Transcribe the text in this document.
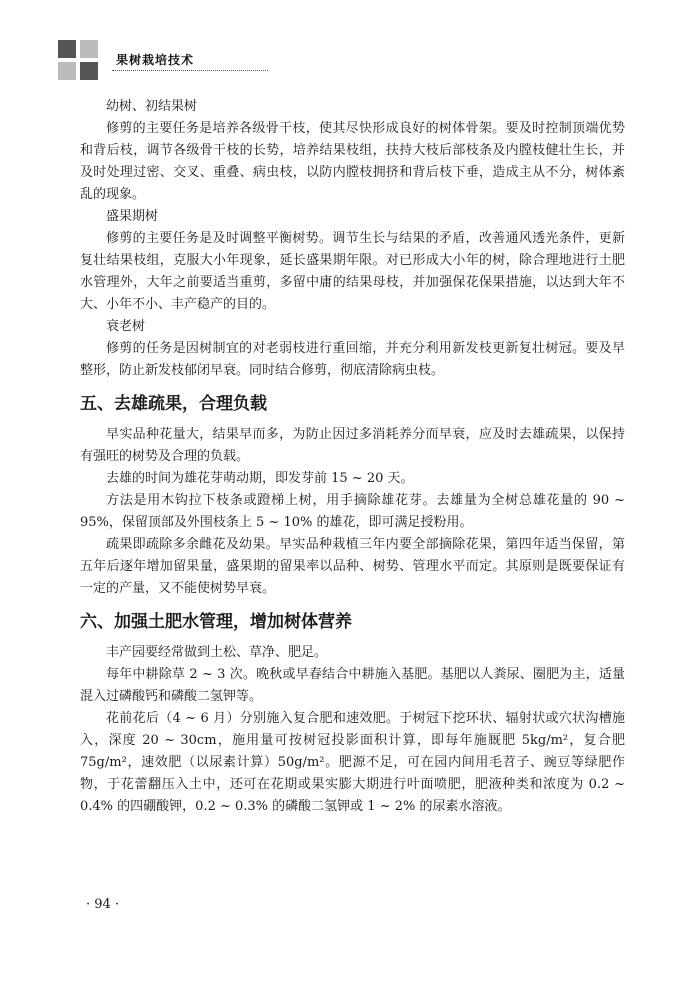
果树栽培技术

幼树、初结果树

修剪的主要任务是培养各级骨干枝，使其尽快形成良好的树体骨架。要及时控制顶端优势和背后枝，调节各级骨干枝的长势，培养结果枝组，扶持大枝后部枝条及内膛枝健壮生长，并及时处理过密、交叉、重叠、病虫枝，以防内膛枝拥挤和背后枝下垂，造成主从不分，树体紊乱的现象。

盛果期树

修剪的主要任务是及时调整平衡树势。调节生长与结果的矛盾，改善通风透光条件，更新复壮结果枝组，克服大小年现象，延长盛果期年限。对已形成大小年的树，除合理地进行土肥水管理外，大年之前要适当重剪，多留中庸的结果母枝，并加强保花保果措施，以达到大年不大、小年不小、丰产稳产的目的。

衰老树

修剪的任务是因树制宜的对老弱枝进行重回缩，并充分利用新发枝更新复壮树冠。要及早整形，防止新发枝郁闭早衰。同时结合修剪，彻底清除病虫枝。

五、去雄疏果，合理负载

早实品种花量大，结果早而多，为防止因过多消耗养分而早衰，应及时去雄疏果，以保持有强旺的树势及合理的负载。

去雄的时间为雄花芽萌动期，即发芽前 15 ~ 20 天。

方法是用木钩拉下枝条或蹬梯上树，用手摘除雄花芽。去雄量为全树总雄花量的 90 ~ 95%，保留顶部及外围枝条上 5 ~ 10% 的雄花，即可满足授粉用。

疏果即疏除多余雌花及幼果。早实品种栽植三年内要全部摘除花果，第四年适当保留，第五年后逐年增加留果量，盛果期的留果率以品种、树势、管理水平而定。其原则是既要保证有一定的产量，又不能使树势早衰。

六、加强土肥水管理，增加树体营养

丰产园要经常做到土松、草净、肥足。

每年中耕除草 2 ~ 3 次。晚秋或早春结合中耕施入基肥。基肥以人粪尿、圈肥为主，适量混入过磷酸钙和磷酸二氢钾等。

花前花后（4 ~ 6 月）分别施入复合肥和速效肥。于树冠下挖环状、辐射状或穴状沟槽施入，深度 20 ~ 30cm，施用量可按树冠投影面积计算，即每年施厩肥 5kg/m²，复合肥 75g/m²，速效肥（以尿素计算）50g/m²。肥源不足，可在园内间用毛苕子、豌豆等绿肥作物，于花蕾翻压入土中，还可在花期或果实膨大期进行叶面喷肥，肥液种类和浓度为 0.2 ~ 0.4% 的四硼酸钾，0.2 ~ 0.3% 的磷酸二氢钾或 1 ~ 2% 的尿素水溶液。

· 94 ·
